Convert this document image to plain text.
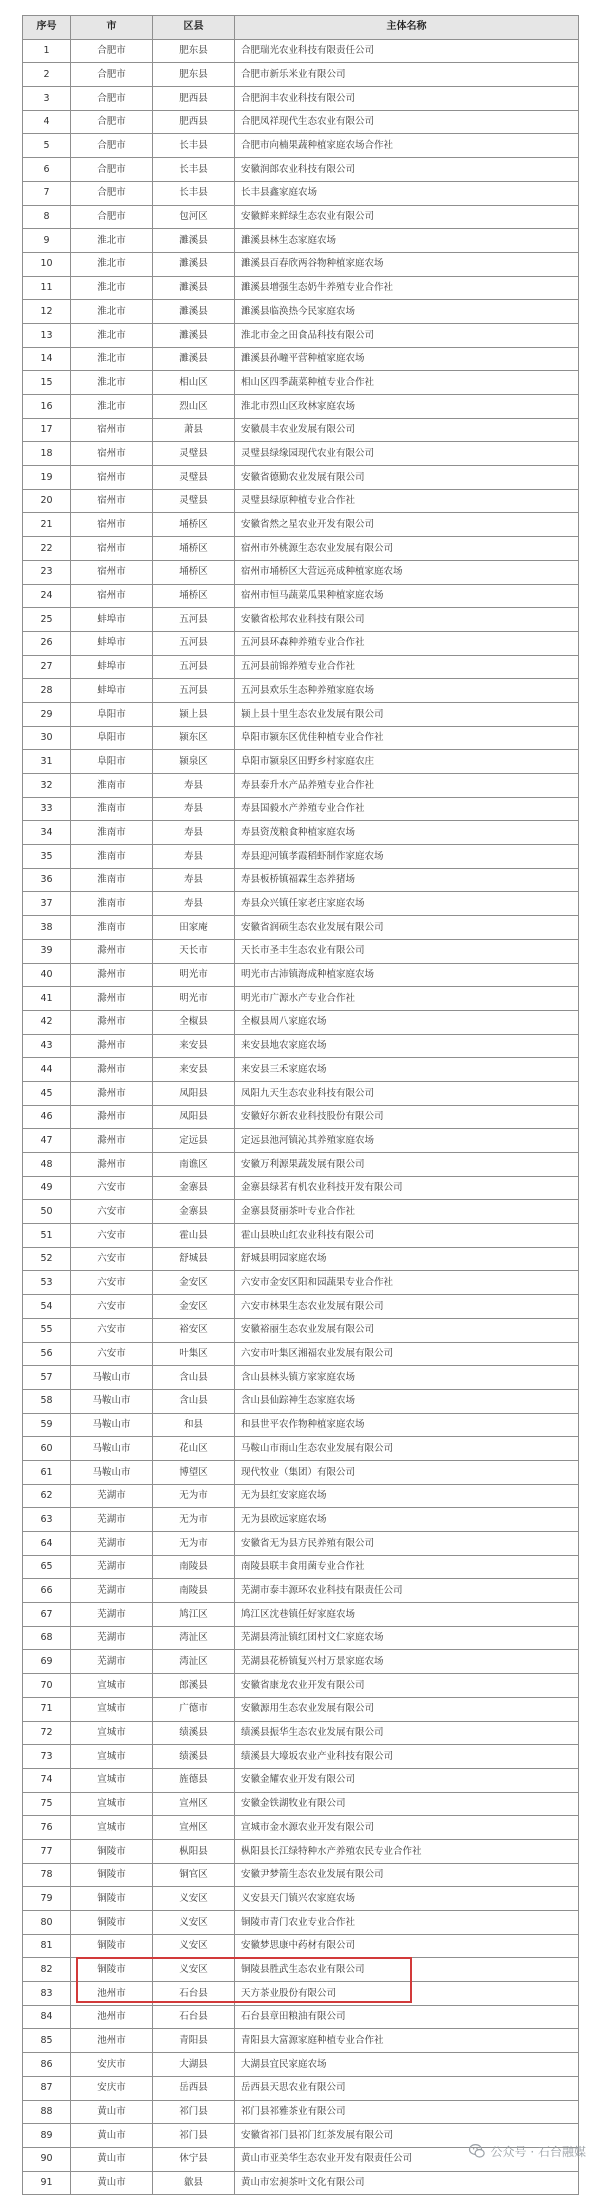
序号	市	区县	主体名称
1	合肥市	肥东县	合肥瑞光农业科技有限责任公司
2	合肥市	肥东县	合肥市新乐米业有限公司
3	合肥市	肥西县	合肥润丰农业科技有限公司
4	合肥市	肥西县	合肥凤祥现代生态农业有限公司
5	合肥市	长丰县	合肥市向楠果蔬种植家庭农场合作社
6	合肥市	长丰县	安徽润郎农业科技有限公司
7	合肥市	长丰县	长丰县鑫家庭农场
8	合肥市	包河区	安徽鲜来鲜绿生态农业有限公司
9	淮北市	濉溪县	濉溪县林生态家庭农场
10	淮北市	濉溪县	濉溪县百春欣两谷物种植家庭农场
11	淮北市	濉溪县	濉溪县增强生态奶牛养殖专业合作社
12	淮北市	濉溪县	濉溪县临涣热今民家庭农场
13	淮北市	濉溪县	淮北市金之田食品科技有限公司
14	淮北市	濉溪县	濉溪县孙疃平营种植家庭农场
15	淮北市	相山区	相山区四季蔬菜种植专业合作社
16	淮北市	烈山区	淮北市烈山区玫林家庭农场
17	宿州市	萧县	安徽晨丰农业发展有限公司
18	宿州市	灵璧县	灵璧县绿缘园现代农业有限公司
19	宿州市	灵璧县	安徽省德勤农业发展有限公司
20	宿州市	灵璧县	灵璧县绿原种植专业合作社
21	宿州市	埇桥区	安徽省然之星农业开发有限公司
22	宿州市	埇桥区	宿州市外桃源生态农业发展有限公司
23	宿州市	埇桥区	宿州市埇桥区大营远亮成种植家庭农场
24	宿州市	埇桥区	宿州市恒马蔬菜瓜果种植家庭农场
25	蚌埠市	五河县	安徽省松邦农业科技有限公司
26	蚌埠市	五河县	五河县环森种养殖专业合作社
27	蚌埠市	五河县	五河县前锦养殖专业合作社
28	蚌埠市	五河县	五河县欢乐生态种养殖家庭农场
29	阜阳市	颍上县	颍上县十里生态农业发展有限公司
30	阜阳市	颍东区	阜阳市颍东区优佳种植专业合作社
31	阜阳市	颍泉区	阜阳市颍泉区田野乡村家庭农庄
32	淮南市	寿县	寿县泰升水产品养殖专业合作社
33	淮南市	寿县	寿县国毅水产养殖专业合作社
34	淮南市	寿县	寿县资茂粮食种植家庭农场
35	淮南市	寿县	寿县迎河镇孝霞稻虾制作家庭农场
36	淮南市	寿县	寿县板桥镇福霖生态养猪场
37	淮南市	寿县	寿县众兴镇任家老庄家庭农场
38	淮南市	田家庵	安徽省润硕生态农业发展有限公司
39	滁州市	天长市	天长市圣丰生态农业有限公司
40	滁州市	明光市	明光市古沛镇海成种植家庭农场
41	滁州市	明光市	明光市广源水产专业合作社
42	滁州市	全椒县	全椒县周八家庭农场
43	滁州市	来安县	来安县地农家庭农场
44	滁州市	来安县	来安县三禾家庭农场
45	滁州市	凤阳县	凤阳九天生态农业科技有限公司
46	滁州市	凤阳县	安徽好尔新农业科技股份有限公司
47	滁州市	定远县	定远县池河镇沁其养殖家庭农场
48	滁州市	南谯区	安徽万利源果蔬发展有限公司
49	六安市	金寨县	金寨县绿茗有机农业科技开发有限公司
50	六安市	金寨县	金寨县贤丽茶叶专业合作社
51	六安市	霍山县	霍山县映山红农业科技有限公司
52	六安市	舒城县	舒城县明园家庭农场
53	六安市	金安区	六安市金安区阳和园蔬果专业合作社
54	六安市	金安区	六安市林果生态农业发展有限公司
55	六安市	裕安区	安徽裕丽生态农业发展有限公司
56	六安市	叶集区	六安市叶集区湘福农业发展有限公司
57	马鞍山市	含山县	含山县林头镇方家家庭农场
58	马鞍山市	含山县	含山县仙踪神生态家庭农场
59	马鞍山市	和县	和县世平农作物种植家庭农场
60	马鞍山市	花山区	马鞍山市雨山生态农业发展有限公司
61	马鞍山市	博望区	现代牧业（集团）有限公司
62	芜湖市	无为市	无为县红安家庭农场
63	芜湖市	无为市	无为县欧远家庭农场
64	芜湖市	无为市	安徽省无为县方民养殖有限公司
65	芜湖市	南陵县	南陵县联丰食用菌专业合作社
66	芜湖市	南陵县	芜湖市泰丰源环农业科技有限责任公司
67	芜湖市	鸠江区	鸠江区沈巷镇任好家庭农场
68	芜湖市	湾沚区	芜湖县湾沚镇红团村文仁家庭农场
69	芜湖市	湾沚区	芜湖县花桥镇复兴村万景家庭农场
70	宣城市	郎溪县	安徽省康龙农业开发有限公司
71	宣城市	广德市	安徽源用生态农业发展有限公司
72	宣城市	绩溪县	绩溪县振华生态农业发展有限公司
73	宣城市	绩溪县	绩溪县大壕坂农业产业科技有限公司
74	宣城市	旌德县	安徽金耀农业开发有限公司
75	宣城市	宣州区	安徽金铁湖牧业有限公司
76	宣城市	宣州区	宣城市金水源农业开发有限公司
77	铜陵市	枞阳县	枞阳县长江绿特种水产养殖农民专业合作社
78	铜陵市	铜官区	安徽尹梦箭生态农业发展有限公司
79	铜陵市	义安区	义安县天门镇兴农家庭农场
80	铜陵市	义安区	铜陵市青门农业专业合作社
81	铜陵市	义安区	安徽梦思康中药材有限公司
82	铜陵市	义安区	铜陵县胜武生态农业有限公司
83	池州市	石台县	天方茶业股份有限公司
84	池州市	石台县	石台县章田粮油有限公司
85	池州市	青阳县	青阳县大富源家庭种植专业合作社
86	安庆市	大湖县	大湖县宜民家庭农场
87	安庆市	岳西县	岳西县天思农业有限公司
88	黄山市	祁门县	祁门县祁雅茶业有限公司
89	黄山市	祁门县	安徽省祁门县祁门红茶发展有限公司
90	黄山市	休宁县	黄山市亚美华生态农业开发有限责任公司
91	黄山市	歙县	黄山市宏昶茶叶文化有限公司
公众号 · 石台融媒
